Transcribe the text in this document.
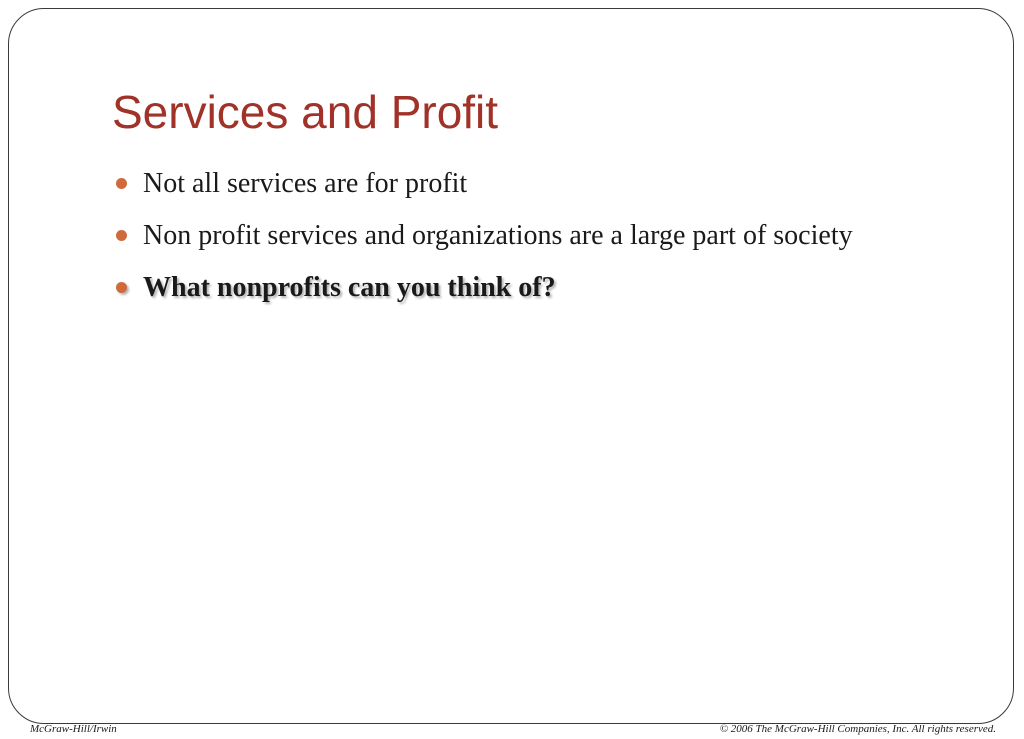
Services and Profit
Not all services are for profit
Non profit services and organizations are a large part of society
What nonprofits can you think of?
McGraw-Hill/Irwin	© 2006 The McGraw-Hill Companies, Inc. All rights reserved.
